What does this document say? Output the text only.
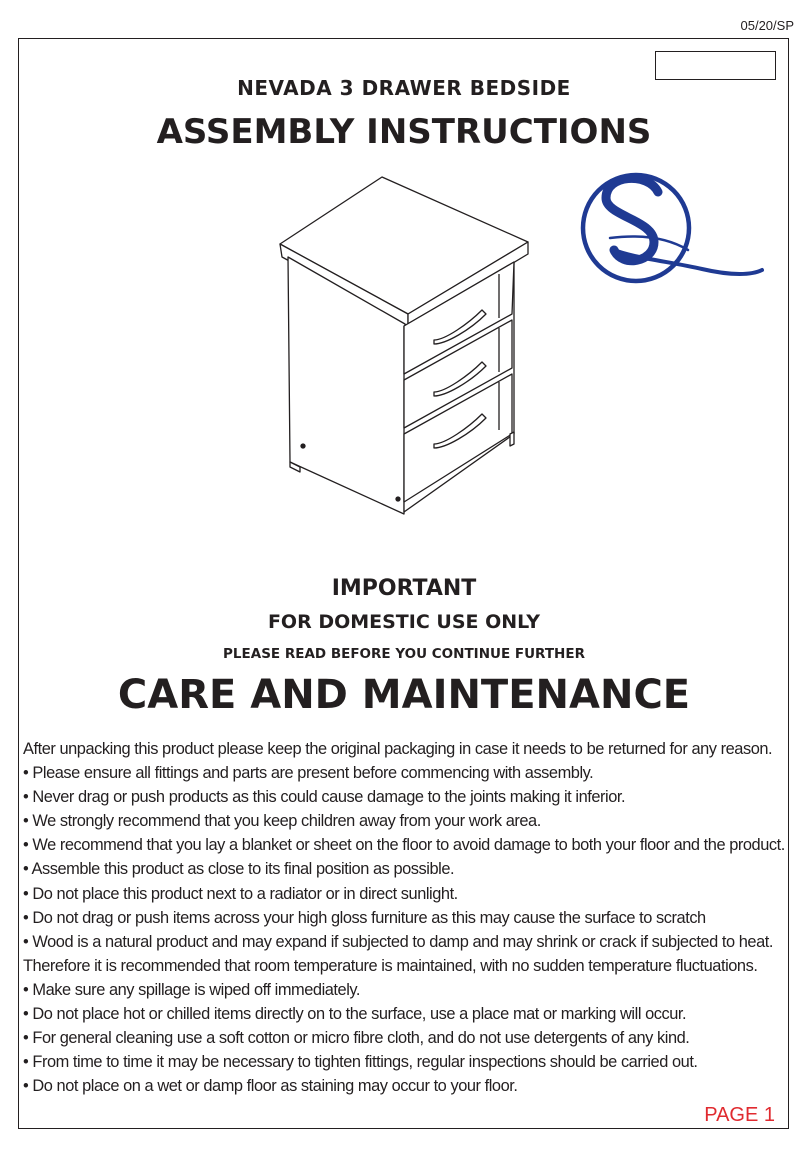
05/20/SP
NEVADA 3 DRAWER BEDSIDE
ASSEMBLY INSTRUCTIONS
IMPORTANT
FOR DOMESTIC USE ONLY
PLEASE READ BEFORE YOU CONTINUE FURTHER
CARE AND MAINTENANCE
After unpacking this product please keep the original packaging in case it needs to be returned for any reason.
• Please ensure all fittings and parts are present before commencing with assembly.
• Never drag or push products as this could cause damage to the joints making it inferior.
• We strongly recommend that you keep children away from your work area.
• We recommend that you lay a blanket or sheet on the floor to avoid damage to both your floor and the product.
• Assemble this product as close to its final position as possible.
• Do not place this product next to a radiator or in direct sunlight.
• Do not drag or push items across your high gloss furniture as this may cause the surface to scratch
• Wood is a natural product and may expand if subjected to damp and may shrink or crack if subjected to heat.
Therefore it is recommended that room temperature is maintained, with no sudden temperature fluctuations.
• Make sure any spillage is wiped off immediately.
• Do not place hot or chilled items directly on to the surface, use a place mat or marking will occur.
• For general cleaning use a soft cotton or micro fibre cloth, and do not use detergents of any kind.
• From time to time it may be necessary to tighten fittings, regular inspections should be carried out.
• Do not place on a wet or damp floor as staining may occur to your floor.
PAGE 1
